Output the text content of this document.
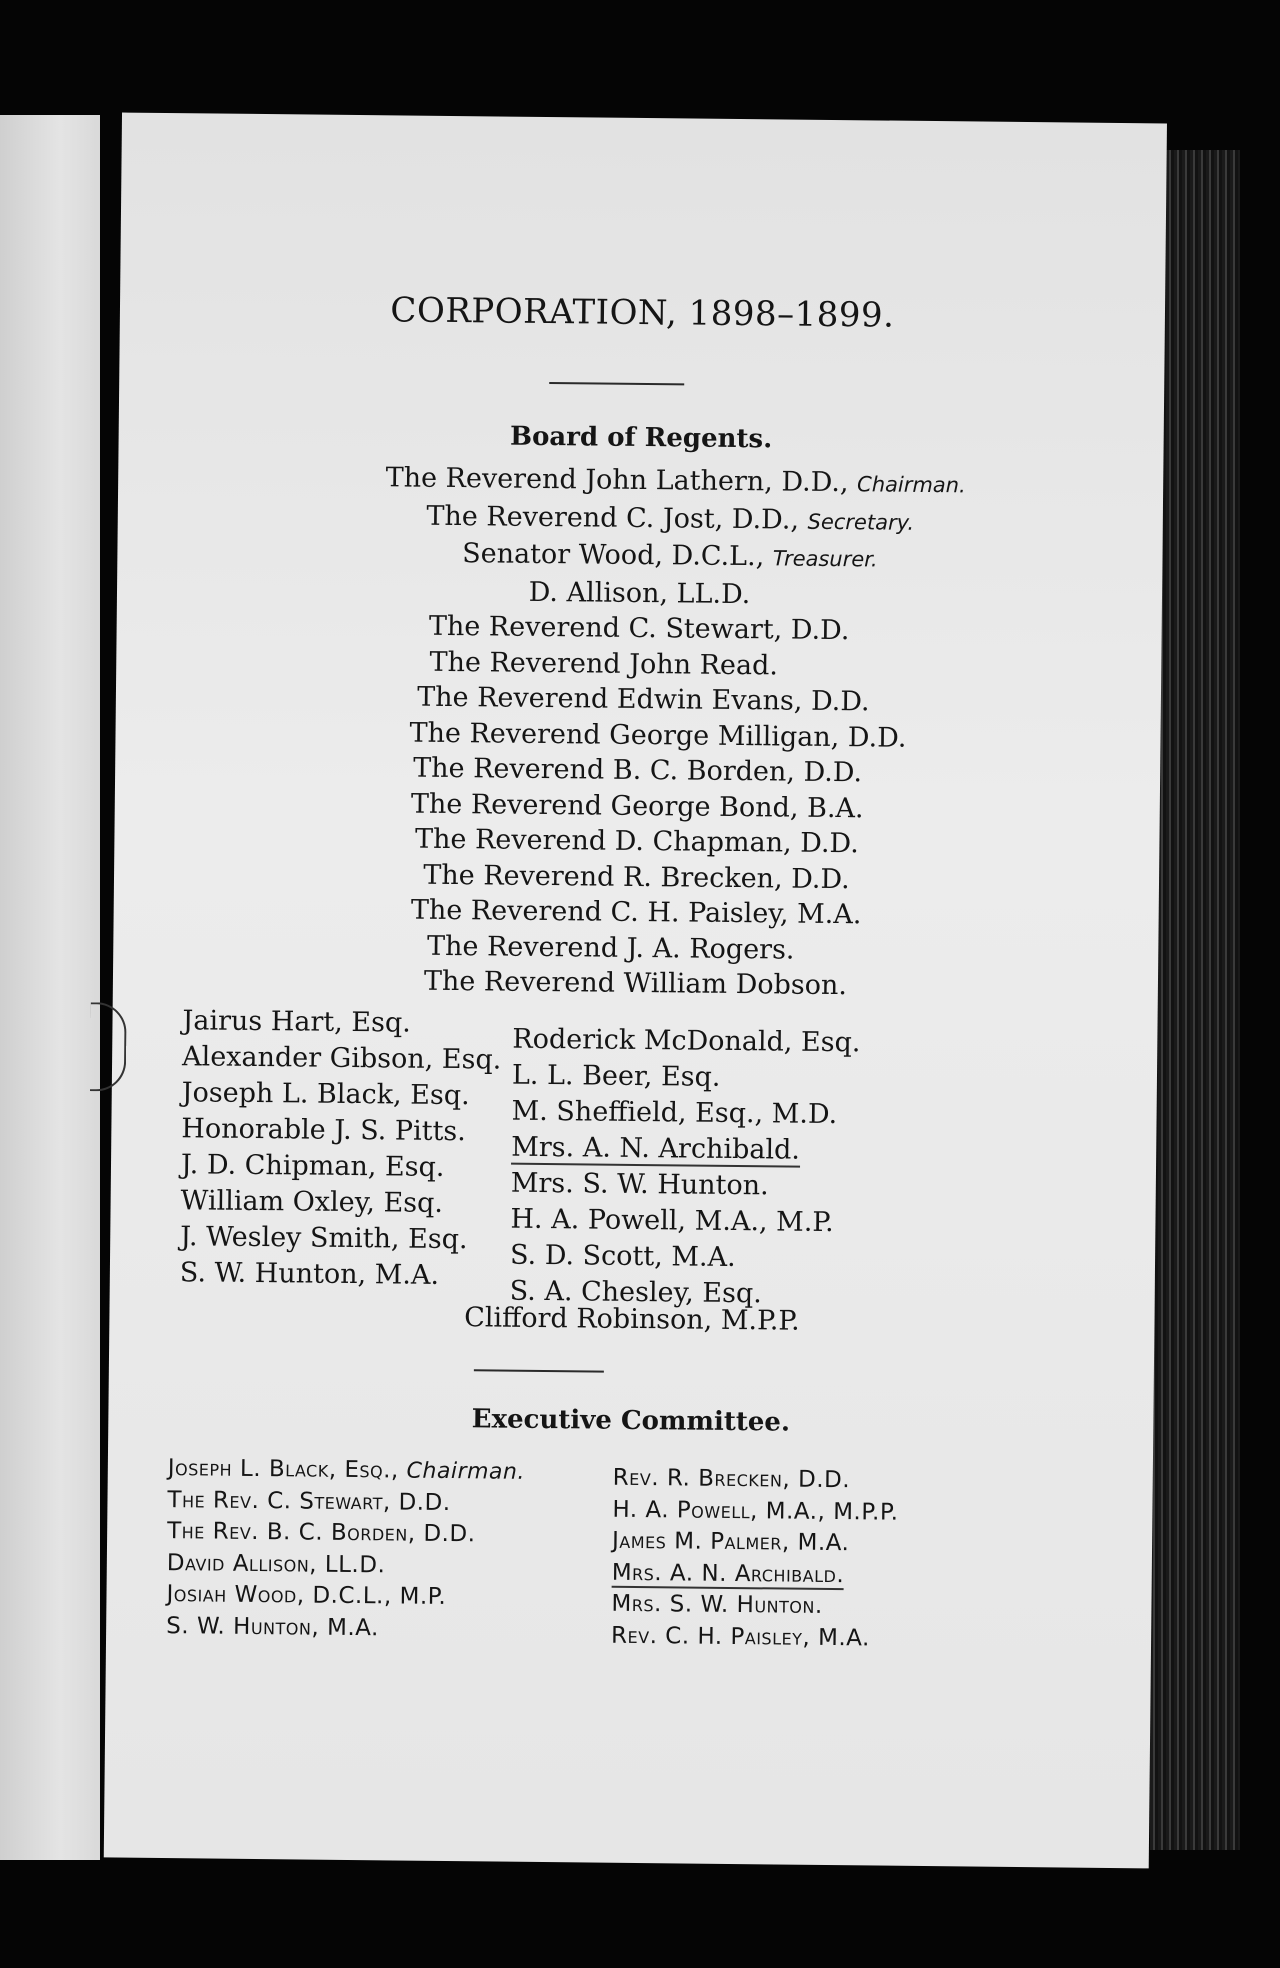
CORPORATION, 1898–1899.
Board of Regents.
The Reverend John Lathern, D.D., Chairman.
The Reverend C. Jost, D.D., Secretary.
Senator Wood, D.C.L., Treasurer.
D. Allison, LL.D.
The Reverend C. Stewart, D.D.
The Reverend John Read.
The Reverend Edwin Evans, D.D.
The Reverend George Milligan, D.D.
The Reverend B. C. Borden, D.D.
The Reverend George Bond, B.A.
The Reverend D. Chapman, D.D.
The Reverend R. Brecken, D.D.
The Reverend C. H. Paisley, M.A.
The Reverend J. A. Rogers.
The Reverend William Dobson.
Jairus Hart, Esq.
Alexander Gibson, Esq.
Joseph L. Black, Esq.
Honorable J. S. Pitts.
J. D. Chipman, Esq.
William Oxley, Esq.
J. Wesley Smith, Esq.
S. W. Hunton, M.A.
Roderick McDonald, Esq.
L. L. Beer, Esq.
M. Sheffield, Esq., M.D.
Mrs. A. N. Archibald.
Mrs. S. W. Hunton.
H. A. Powell, M.A., M.P.
S. D. Scott, M.A.
S. A. Chesley, Esq.
Clifford Robinson, M.P.P.
Executive Committee.
Joseph L. Black, Esq., Chairman.
The Rev. C. Stewart, D.D.
The Rev. B. C. Borden, D.D.
David Allison, LL.D.
Josiah Wood, D.C.L., M.P.
S. W. Hunton, M.A.
Rev. R. Brecken, D.D.
H. A. Powell, M.A., M.P.P.
James M. Palmer, M.A.
Mrs. A. N. Archibald.
Mrs. S. W. Hunton.
Rev. C. H. Paisley, M.A.
